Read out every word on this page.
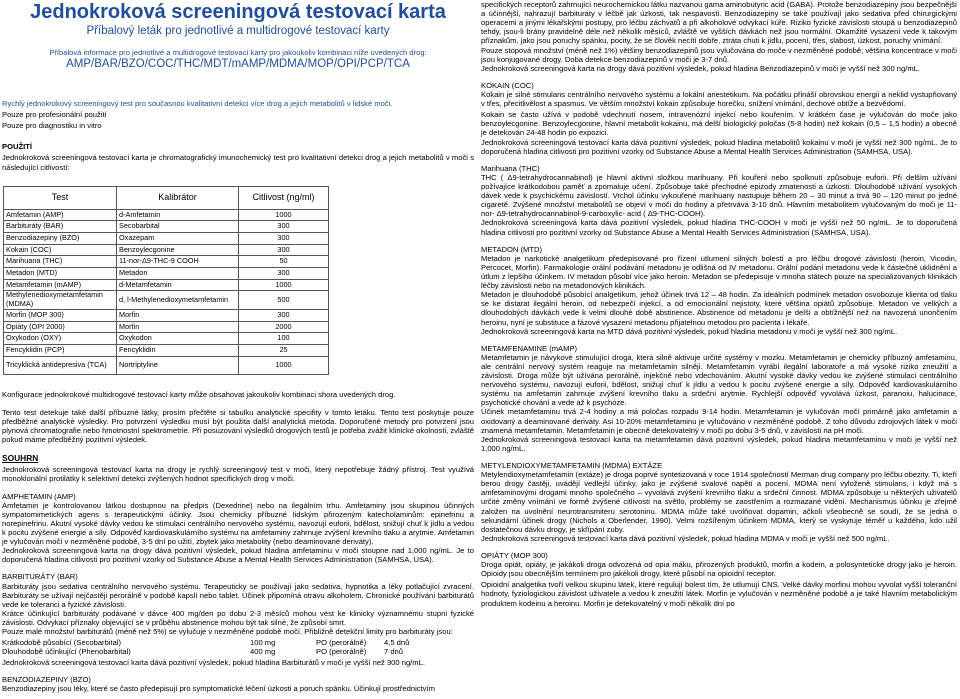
Jednokroková screeningová testovací karta
Příbalový leták pro jednotlivé a multidrogové testovací karty
Příbalová informace pro jednotlivé a multidrogové testovací karty pro jakoukoliv kombinaci níže uvedených drog:
AMP/BAR/BZO/COC/THC/MDT/mAMP/MDMA/MOP/OPI/PCP/TCA

Rychlý jednokrokový screeningový test pro současnou kvalitativní detekci více drog a jejich metabolitů v lidské moči.

Pouze pro profesionální použití

Pouze pro diagnostiku in vitro

POUŽITÍ

Jednokroková screeningová testovací karta je chromatografický imunochemický test pro kvalitativní detekci drog a jejich metabolitů v moči s následující citlivostí:

Test	Kalibrátor	Citlivost (ng/ml)
Amfetamin (AMP)	d-Amfetamin	1000
Barbituráty (BAR)	Secobarbital	300
Benzodiazepiny (BZO)	Oxazepam	300
Kokain (COC)	Benzoylecgonine	300
Marihuana (THC)	11-nor-Δ9-THC-9 COOH	50
Metadon (MTD)	Metadon	300
Metamfetamin (mAMP)	d-Metamfetamin	1000
Methylenedioxymetamfetamin (MDMA)	d, l-Methylenedioxymetamfetamin	500
Morfin (MOP 300)	Morfin	300
Opiáty (OPI 2000)	Morfin	2000
Oxykodon (OXY)	Oxykodon	100
Fencyklidin (PCP)	Fencyklidin	25
Tricyklická antidepresiva (TCA)	Nortriptyline	1000

Konfigurace jednokrokové multidrogové testovací karty může obsahovat jakoukoliv kombinaci shora uvedených drog.

Tento test detekuje také další příbuzné látky, prosím přečtěte si tabulku analytické specifity v tomto letáku. Tento test poskytuje pouze předběžné analytické výsledky. Pro potvrzení výsledku musí být použita další analytická metoda. Doporučené metody pro potvrzení jsou plynová chromatografie nebo hmotnostní spektrometrie. Při posuzování výsledků drogových testů je potřeba zvážit klinické okolnosti, zvláště pokud máme předběžný pozitivní výsledek.

SOUHRN

Jednokroková screeningová testovací karta na drogy je rychlý screeningový test v moči, který nepotřebuje žádný přístroj. Test využívá monoklonální protilátky k selektivní detekci zvýšených hodnot specifických drog v moči.

AMPHETAMIN (AMP)

Amfetamin je kontrolovanou látkou dostupnou na předpis (Dexedrine) nebo na ilegálním trhu. Amfetaminy jsou skupinou účinných sympatomimetických agens s terapeutickými účinky. Jsou chemicky příbuzné lidským přirozeným katecholaminům: epinefrinu a norepinefrinu. Akutní vysoké dávky vedou ke stimulaci centrálního nervového systému, navozují euforii, bdělost, snižují chuť k jídlu a vedou k pocitu zvýšené energie a síly. Odpověď kardiovaskulárního systému na amfetaminy zahrnuje zvýšení krevního tlaku a arytmie. Amfetamin je vylučován močí v nezměněné podobě, 3-5 dní po užití, zbytek jako metabolity (nebo deaminované deriváty).

Jednokroková screeningová karta na drogy dává pozitivní výsledek, pokud hladina amfetaminu v moči stoupne nad 1,000 ng/mL. Je to doporučená hladina citlivosti pro pozitivní vzorky od Substance Abuse a Mental Health Services Administration (SAMHSA, USA).

BARBITURÁTY (BAR)

Barbituráty jsou sedativa centrálního nervového systému. Terapeuticky se používají jako sedativa, hypnotika a léky potlačující zvracení. Barbituráty se užívají nejčastěji perorálně v podobě kapslí nebo tablet. Účinek připomíná otravu alkoholem. Chronické používání barbiturátů vede ke toleranci a fyzické závislosti.

Krátce účinkující barbituráty podávané v dávce 400 mg/den po dobu 2-3 měsíců mohou vést ke klinicky významnému stupni fyzické závislosti. Odvykací příznaky objevující se v průběhu abstinence mohou být tak silné, že způsobí smrt.

Pouze malé množství barbiturátů (méně než 5%) se vylučuje v nezměněné podobě močí. Přibližně detekční limity pro barbituráty jsou:

Krátkodobě působící (Secobarbital)	100 mg	PO (perorálně)	4,5 dnů
Dlouhodobě účinkující (Phenobarbital)	400 mg	PO (perorálně)	7 dnů

Jednokroková screeningová testovací karta dává pozitivní výsledek, pokud hladina Barbiturátů v moči je vyšší než 300 ng/mL.

BENZODIAZEPINY (BZO)

Benzodiazepiny jsou léky, které se často předepisují pro symptomatické léčení úzkosti a poruch spánku. Účinkují prostřednictvím

specifických receptorů zahrnující neurochemickou látku nazvanou gama aminobutyric acid (GABA). Protože benzodiazepiny jsou bezpečnější a účinnější, nahrazují barbituráty v léčbě jak úzkosti, tak nespavosti. Benzodiazepiny se také používají jako sedativa před chirurgickými operacemi a jinými lékařskými postupy, pro léčbu záchvatů a při alkoholové odvykací kúře. Riziko fyzické závislosti stoupá u benzodiazepinů tehdy, jsou-li brány pravidelně déle než několik měsíců, zvláště ve vyšších dávkách než jsou normální. Okamžité vysazení vede k takovým příznakům, jako jsou poruchy spánku, pocity, že se člověk necítí dobře, ztráta chuti k jídlu, pocení, třes, slabost, úzkost, poruchy vnímání.

Pouze stopová množství (méně než 1%) většiny benzodiazepinů jsou vylučována do moče v nezměněné podobě; většina koncentrace v moči jsou konjugované drogy. Doba detekce benzodiazepinů v moči je 3-7 dnů.

Jednokroková screeningová karta na drogy dává pozitivní výsledek, pokud hladina Benzodiazepinů v moči je vyšší než 300 ng/mL.

KOKAIN (COC)

Kokain je silné stimulans centrálního nervového systému a lokální anestetikum. Na počátku přináší obrovskou energii a neklid vystupňovaný v třes, přecitlivělost a spasmus. Ve větším množství kokain způsobuje horečku, snížení vnímání, dechové obtíže a bezvědomí.

Kokain se často užívá v podobě vdechnutí nosem, intravenózní injekcí nebo kouřením. V krátkém čase je vylučován do moče jako benzoylecgonine. Benzoylecgonine, hlavní metabolit kokainu, má delší biologický poločas (5-8 hodin) než kokain (0,5 – 1,5 hodin) a obecně je detekován 24-48 hodin po expozici.

Jednokroková screeningová testovací karta dává pozitivní výsledek, pokud hladina metabolitů kokainu v moči je vyšší než 300 ng/mL. Je to doporučená hladina citlivosti pro pozitivní vzorky od Substance Abuse a Mental Health Services Administration (SAMHSA, USA).

Marihuana (THC)

THC ( Δ9-tetrahydrocannabinol) je hlavní aktivní složkou marihuany. Při kouření nebo spolknutí způsobuje euforii. Při delším užívání požívajíce krátkodobou paměť a zpomalujе učení. Způsobuje také přechodné epizody zmatenosti a úzkosti. Dlouhodobě užívání vysokých dávek vede k psychickému závislostí. Vrchol účinku vykouřené marihuany nastupuje během 20 – 30 minut a trvá 90 – 120 minut po jedné cigaretě. Zvýšené množství metabolitů se objeví v moči do hodiny a přetrvává 3-10 dnů. Hlavním metabolitem vylučovaným do moči je 11-nor- Δ9-tetrahydrocannabinol-9-carboxylic- acid ( Δ9-THC-COOH).

Jednokroková screeningová karta dává pozitivní výsledek, pokud hladina THC-COOH v moči je vyšší než 50 ng/mL. Je to doporučená hladina citlivosti pro pozitivní vzorky od Substance Abuse a Mental Health Services Administration (SAMHSA, USA).

METADON (MTD)

Metadon je narkotické analgetikum předepisované pro řízení utlumení silných bolestí a pro léčbu drogové závislosti (heroin, Vicodin, Percocet, Morfin). Farmakologie orální podávání metadonu je odlišná od IV metadonu. Orální podání metadonu vede k částečné uklidnění a útlum z lepšího účinkem. IV metadon působí více jako heroin. Metadon se předepisuje v mnoha státech pouze na specializovaných klinikách léčby závislosti nebo na metadonových klinikách.

Metadon je dlouhodobě působící analgetikum, jehož účinek trvá 12 – 48 hodin. Za ideálních podmínek metadon osvobozuje klienta od tlaku se ke distarat ilegální heroin, od nebezpečí injekcí, a od emocionální nejistoty, které většina opiátů způsobuje. Metadon ve velkých a dlouhodobých dávkách vede k velmi dlouhé době abstinence. Abstinence od metadonu je delší a obtížnější než na navozená unončením heroinu, nyní je substituce a fázové vysazení metadonu přijatelnou metodou pro pacienta i lékaře.

Jednokroková screeningová karta na MTD dává pozitivní výsledek, pokud hladina metadonu v moči je vyšší než 300 ng/mL.

METAMFENAMINE (mAMP)

Metamfetamin je návykové stimulující droga, která silně aktivuje určité systémy v mozku. Metamfetamin je chemicky příbuzný amfetaminu, ale centrální nervový systém reaguje na metamfetamin silněji. Metamfetamin vyrábí ilegální laboratoře a má vysoké riziko zneužití a závislosti. Droga může být užívána perorálně, injekčně nebo vdechováním. Akutní vysoké dávky vedou ke zvýšené stimulaci centrálního nervového systému, navozují euforii, bdělost, snižují chuť k jídlu a vedou k pocitu zvýšené energie a síly. Odpověď kardiovaskulárního systému na amfetamin zahrnuje zvýšení krevního tlaku a srdeční arytmie. Rychlejší odpověď vyvolává úzkost, paranoiu, halucinace, psychotické chování a vede až k psychóze.

Účinek metamfetaminu trvá 2-4 hodiny a má poločas rozpadu 9-14 hodin. Metamfetamin je vylučován močí primárně jako amfetamin a oxidovaný a deaminované deriváty. Asi 10-20% metamfetaminu je vylučováno v nezměněné podobě. Z toho důvodu zdrojových látek v moči znamená metamfetamin. Metamfetamin je obecně detekovatelný v moči po dobu 3-5 dnů, v závislosti na pH moči.

Jednokroková screeningová testovací karta na metamfetamin dává pozitivní výsledek, pokud hladina metamfetaminu v moči je vyšší než 1,000 ng/mL.

METYLENDIOXYMETAMFETAMIN (MDMA) EXTÁZE

Metylendioxymetamfetamin (extáze) je droga poprvé syntetizovaná v roce 1914 společností Merman drug company pro léčbu obezity. Ti, kteří berou drogy častěji, uvádějí vedlejší účinky, jako je zvýšené svalové napětí a pocení. MDMA není vyloženě stimulans, i když má s amfetaminovými drogami mnoho společného – vyvolává zvýšení krevního tlaku a srdeční činnost. MDMA způsobuje u některých uživatelů určité změny vnímání ve formě zvýšené citlivosti na světlo, problémy se zaostřením a rozmazané vidění. Mechanismus účinku je zřejmě založen na uvolnění neurotransmiteru serotoninu. MDMA může také uvolňovat dopamin, ačkoli všeobecně se soudí, že se jedná o sekundární účinek drogy (Nichols a Oberlender, 1990). Velmi rozšířeným účinkem MDMA, který se vyskytuje téměř u každého, kdo užil dostatečnou dávku drogy, je skřípání zuby.

Jednokroková screeningová testovací karta dává pozitivní výsledek, pokud hladina MDMA v moči je vyšší než 500 ng/mL.

OPIÁTY (MOP 300)

Droga opiát, opiáty, je jakákoli droga odvozená od opia máku, přirozených produktů, morfin a kodein, a polosyntetické drogy jako je heroin. Opioidy jsou obecnějším termínem pro jakékoli drogy, které působí na opioidní receptor.

Opioidní analgetika tvoří velkou skupinu látek, které regulují bolest tím, že utlumují CNS. Velké dávky morfinu mohou vyvolat vyšší toleranční hodnoty, fyziologickou závislost užívatele a vedou k zneužití látek. Morfin je vylučován v nezměněné podobě a je také hlavním metabolickým produktem kodeinu a heroinu. Morfin je detekovatelný v moči několik dní po
